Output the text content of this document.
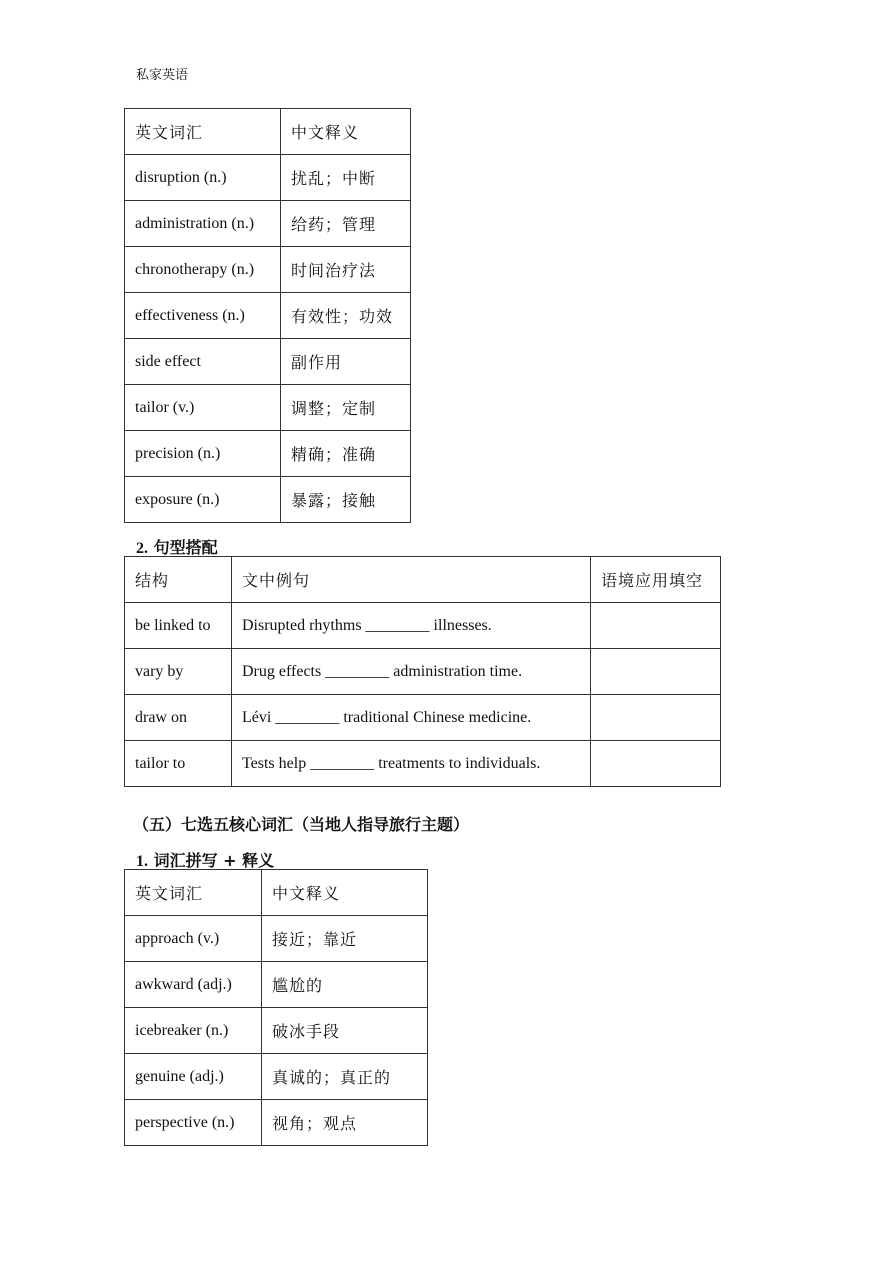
私家英语
英文词汇	中文释义
disruption (n.)	扰乱；中断
administration (n.)	给药；管理
chronotherapy (n.)	时间治疗法
effectiveness (n.)	有效性；功效
side effect	副作用
tailor (v.)	调整；定制
precision (n.)	精确；准确
exposure (n.)	暴露；接触
2. 句型搭配
结构	文中例句	语境应用填空
be linked to	Disrupted rhythms ________ illnesses.	
vary by	Drug effects ________ administration time.	
draw on	Lévi ________ traditional Chinese medicine.	
tailor to	Tests help ________ treatments to individuals.	
（五）七选五核心词汇（当地人指导旅行主题）
1. 词汇拼写 + 释义
英文词汇	中文释义
approach (v.)	接近；靠近
awkward (adj.)	尴尬的
icebreaker (n.)	破冰手段
genuine (adj.)	真诚的；真正的
perspective (n.)	视角；观点
